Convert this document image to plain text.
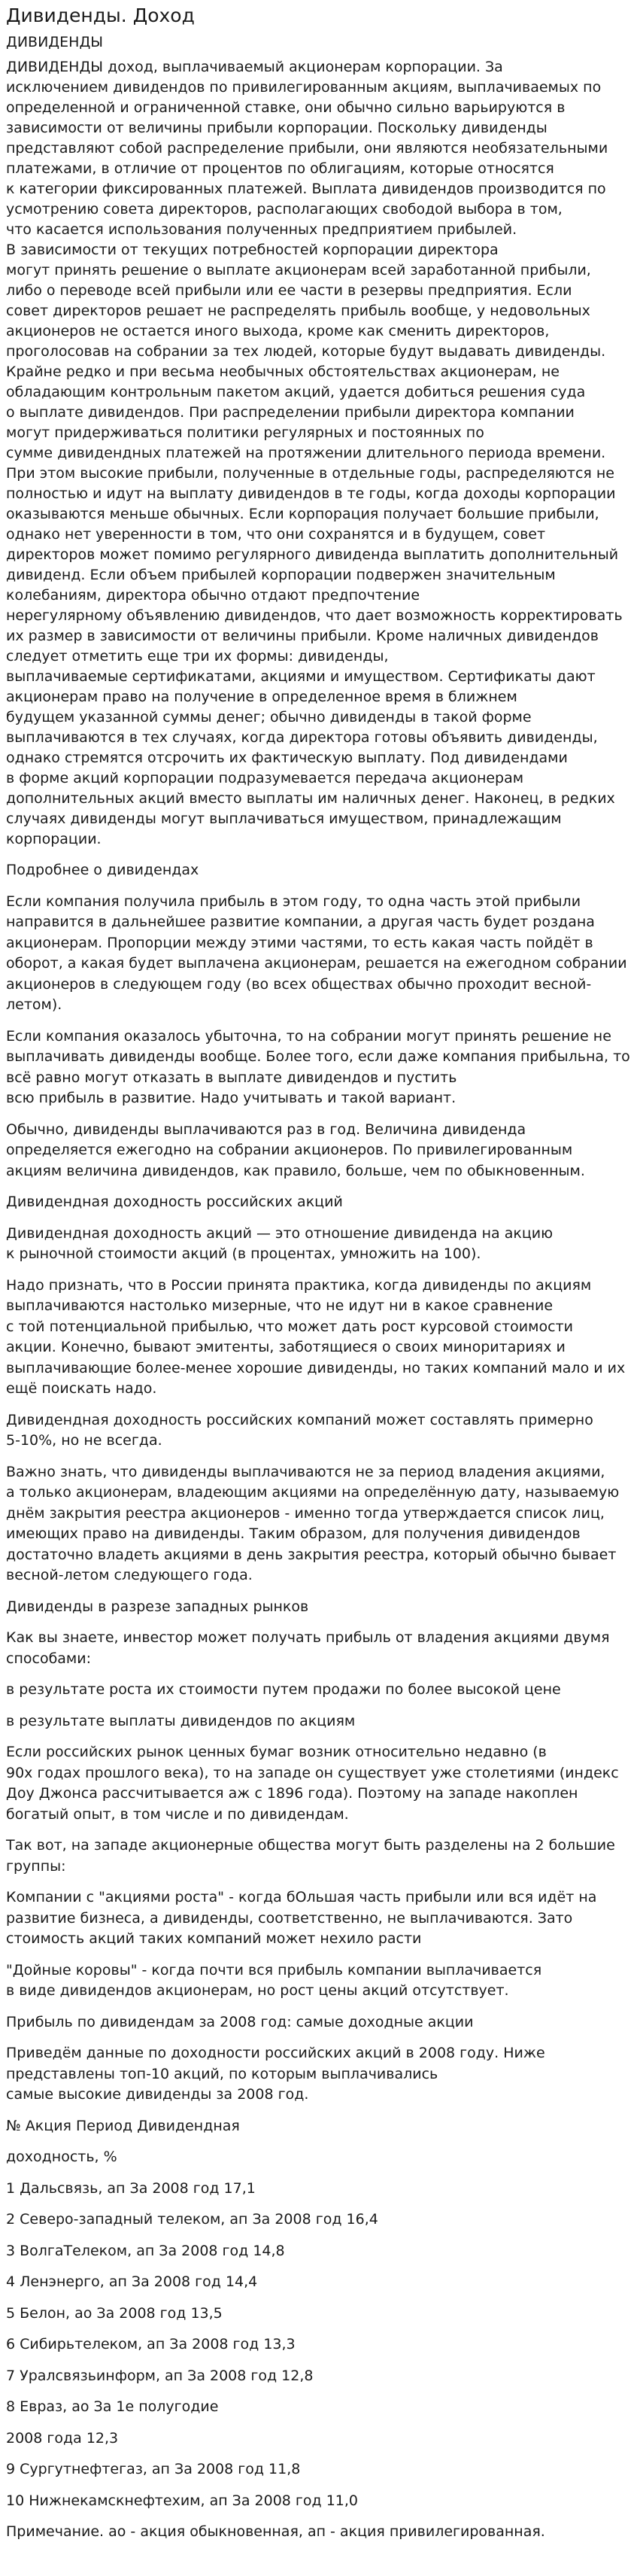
Дивиденды. Доход
ДИВИДЕНДЫ
ДИВИДЕНДЫ доход, выплачиваемый акционерам корпорации. За
исключением дивидендов по привилегированным акциям, выплачиваемых по
определенной и ограниченной ставке, они обычно сильно варьируются в
зависимости от величины прибыли корпорации. Поскольку дивиденды
представляют собой распределение прибыли, они являются необязательными
платежами, в отличие от процентов по облигациям, которые относятся
к категории фиксированных платежей. Выплата дивидендов производится по
усмотрению совета директоров, располагающих свободой выбора в том,
что касается использования полученных предприятием прибылей.
В зависимости от текущих потребностей корпорации директора
могут принять решение о выплате акционерам всей заработанной прибыли,
либо о переводе всей прибыли или ее части в резервы предприятия. Если
совет директоров решает не распределять прибыль вообще, у недовольных
акционеров не остается иного выхода, кроме как сменить директоров,
проголосовав на собрании за тех людей, которые будут выдавать дивиденды.
Крайне редко и при весьма необычных обстоятельствах акционерам, не
обладающим контрольным пакетом акций, удается добиться решения суда
о выплате дивидендов. При распределении прибыли директора компании
могут придерживаться политики регулярных и постоянных по
сумме дивидендных платежей на протяжении длительного периода времени.
При этом высокие прибыли, полученные в отдельные годы, распределяются не
полностью и идут на выплату дивидендов в те годы, когда доходы корпорации
оказываются меньше обычных. Если корпорация получает большие прибыли,
однако нет уверенности в том, что они сохранятся и в будущем, совет
директоров может помимо регулярного дивиденда выплатить дополнительный
дивиденд. Если объем прибылей корпорации подвержен значительным
колебаниям, директора обычно отдают предпочтение
нерегулярному объявлению дивидендов, что дает возможность корректировать
их размер в зависимости от величины прибыли. Кроме наличных дивидендов
следует отметить еще три их формы: дивиденды,
выплачиваемые сертификатами, акциями и имуществом. Сертификаты дают
акционерам право на получение в определенное время в ближнем
будущем указанной суммы денег; обычно дивиденды в такой форме
выплачиваются в тех случаях, когда директора готовы объявить дивиденды,
однако стремятся отсрочить их фактическую выплату. Под дивидендами
в форме акций корпорации подразумевается передача акционерам
дополнительных акций вместо выплаты им наличных денег. Наконец, в редких
случаях дивиденды могут выплачиваться имуществом, принадлежащим
корпорации.
Подробнее о дивидендах
Если компания получила прибыль в этом году, то одна часть этой прибыли
направится в дальнейшее развитие компании, а другая часть будет роздана
акционерам. Пропорции между этими частями, то есть какая часть пойдёт в
оборот, а какая будет выплачена акционерам, решается на ежегодном собрании
акционеров в следующем году (во всех обществах обычно проходит весной-
летом).
Если компания оказалось убыточна, то на собрании могут принять решение не
выплачивать дивиденды вообще. Более того, если даже компания прибыльна, то
всё равно могут отказать в выплате дивидендов и пустить
всю прибыль в развитие. Надо учитывать и такой вариант.
Обычно, дивиденды выплачиваются раз в год. Величина дивиденда
определяется ежегодно на собрании акционеров. По привилегированным
акциям величина дивидендов, как правило, больше, чем по обыкновенным.
Дивидендная доходность российских акций
Дивидендная доходность акций — это отношение дивиденда на акцию
к рыночной стоимости акций (в процентах, умножить на 100).
Надо признать, что в России принята практика, когда дивиденды по акциям
выплачиваются настолько мизерные, что не идут ни в какое сравнение
с той потенциальной прибылью, что может дать рост курсовой стоимости
акции. Конечно, бывают эмитенты, заботящиеся о своих миноритариях и
выплачивающие более-менее хорошие дивиденды, но таких компаний мало и их
ещё поискать надо.
Дивидендная доходность российских компаний может составлять примерно
5-10%, но не всегда.
Важно знать, что дивиденды выплачиваются не за период владения акциями,
а только акционерам, владеющим акциями на определённую дату, называемую
днём закрытия реестра акционеров - именно тогда утверждается список лиц,
имеющих право на дивиденды. Таким образом, для получения дивидендов
достаточно владеть акциями в день закрытия реестра, который обычно бывает
весной-летом следующего года.
Дивиденды в разрезе западных рынков
Как вы знаете, инвестор может получать прибыль от владения акциями двумя
способами:
в результате роста их стоимости путем продажи по более высокой цене
в результате выплаты дивидендов по акциям
Если российских рынок ценных бумаг возник относительно недавно (в
90х годах прошлого века), то на западе он существует уже столетиями (индекс
Доу Джонса рассчитывается аж с 1896 года). Поэтому на западе накоплен
богатый опыт, в том числе и по дивидендам.
Так вот, на западе акционерные общества могут быть разделены на 2 большие
группы:
Компании с "акциями роста" - когда бОльшая часть прибыли или вся идёт на
развитие бизнеса, а дивиденды, соответственно, не выплачиваются. Зато
стоимость акций таких компаний может нехило расти
"Дойные коровы" - когда почти вся прибыль компании выплачивается
в виде дивидендов акционерам, но рост цены акций отсутствует.
Прибыль по дивидендам за 2008 год: самые доходные акции
Приведём данные по доходности российских акций в 2008 году. Ниже
представлены топ-10 акций, по которым выплачивались
самые высокие дивиденды за 2008 год.
№ Акция Период Дивидендная
доходность, %
1 Дальсвязь, ап За 2008 год 17,1
2 Северо-западный телеком, ап За 2008 год 16,4
3 ВолгаТелеком, ап За 2008 год 14,8
4 Ленэнерго, ап За 2008 год 14,4
5 Белон, ао За 2008 год 13,5
6 Сибирьтелеком, ап За 2008 год 13,3
7 Уралсвязьинформ, ап За 2008 год 12,8
8 Евраз, ао За 1е полугодие
2008 года 12,3
9 Сургутнефтегаз, ап За 2008 год 11,8
10 Нижнекамскнефтехим, ап За 2008 год 11,0
Примечание. ао - акция обыкновенная, ап - акция привилегированная.
